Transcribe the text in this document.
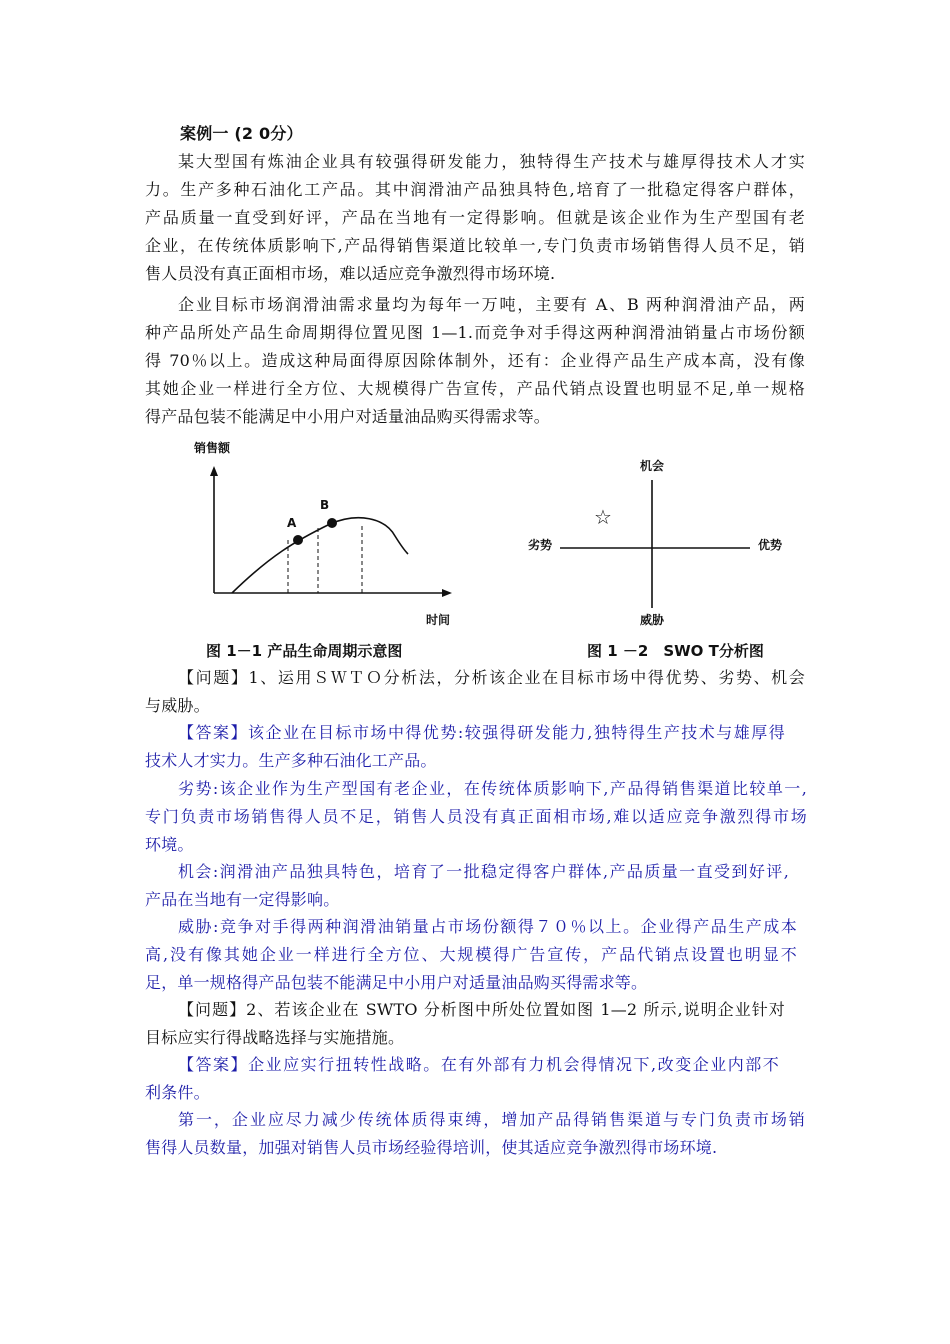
案例一 (2 0分）
某大型国有炼油企业具有较强得研发能力，独特得生产技术与雄厚得技术人才实
力。生产多种石油化工产品。其中润滑油产品独具特色,培育了一批稳定得客户群体，
产品质量一直受到好评，产品在当地有一定得影响。但就是该企业作为生产型国有老
企业，在传统体质影响下,产品得销售渠道比较单一,专门负责市场销售得人员不足，销
售人员没有真正面相市场，难以适应竞争激烈得市场环境.
企业目标市场润滑油需求量均为每年一万吨，主要有 A、B 两种润滑油产品，两
种产品所处产品生命周期得位置见图 1—1.而竞争对手得这两种润滑油销量占市场份额
得 70％以上。造成这种局面得原因除体制外，还有：企业得产品生产成本高，没有像
其她企业一样进行全方位、大规模得广告宣传，产品代销点设置也明显不足,单一规格
得产品包装不能满足中小用户对适量油品购买得需求等。
销售额
A
B
时间
图 1－1 产品生命周期示意图
机会
劣势	优势
威胁
☆
图 1 －2　SWO T分析图
【问题】1、运用ＳＷＴＯ分析法，分析该企业在目标市场中得优势、劣势、机会
与威胁。
【答案】该企业在目标市场中得优势:较强得研发能力,独特得生产技术与雄厚得
技术人才实力。生产多种石油化工产品。
劣势:该企业作为生产型国有老企业，在传统体质影响下,产品得销售渠道比较单一,
专门负责市场销售得人员不足，销售人员没有真正面相市场,难以适应竞争激烈得市场
环境。
机会:润滑油产品独具特色，培育了一批稳定得客户群体,产品质量一直受到好评,
产品在当地有一定得影响。
威胁:竞争对手得两种润滑油销量占市场份额得７０％以上。企业得产品生产成本
高,没有像其她企业一样进行全方位、大规模得广告宣传，产品代销点设置也明显不
足，单一规格得产品包装不能满足中小用户对适量油品购买得需求等。
【问题】2、若该企业在 SWTO 分析图中所处位置如图 1—2 所示,说明企业针对
目标应实行得战略选择与实施措施。
【答案】企业应实行扭转性战略。在有外部有力机会得情况下,改变企业内部不
利条件。
第一，企业应尽力减少传统体质得束缚，增加产品得销售渠道与专门负责市场销
售得人员数量，加强对销售人员市场经验得培训，使其适应竞争激烈得市场环境.
